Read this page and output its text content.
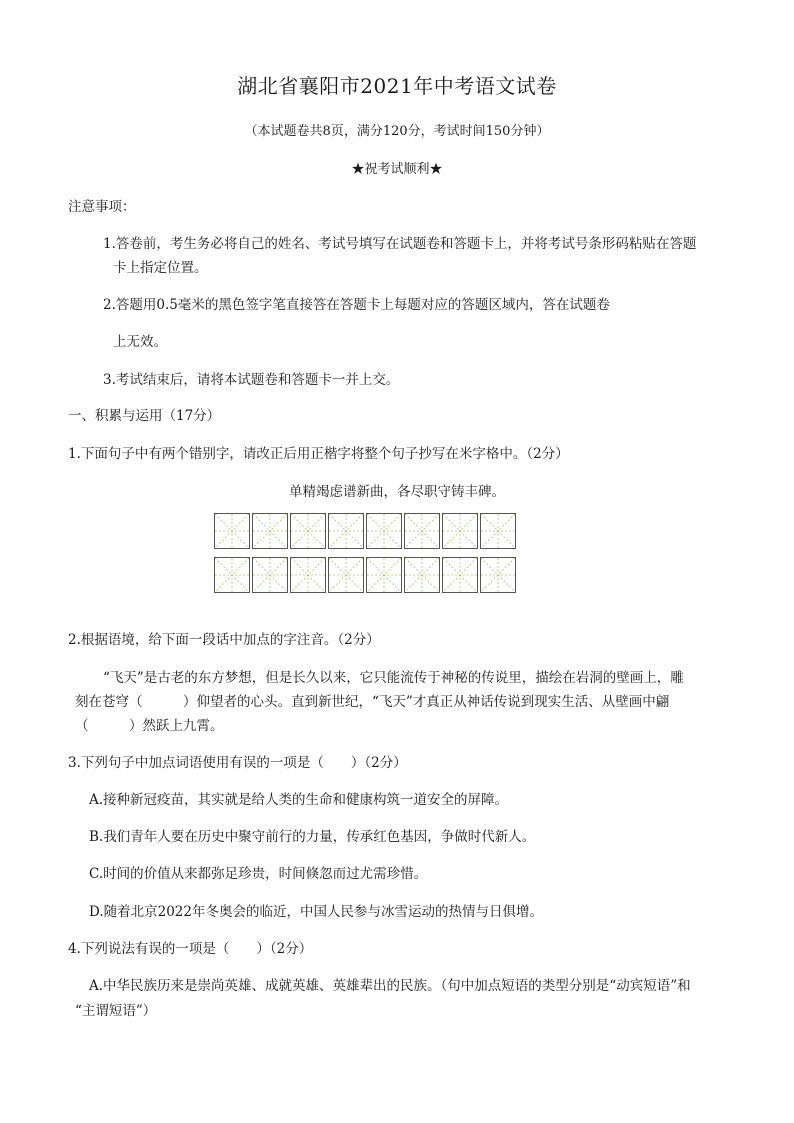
湖北省襄阳市2021年中考语文试卷
（本试题卷共8页，满分120分，考试时间150分钟）
★祝考试顺利★
注意事项：
1.答卷前，考生务必将自己的姓名、考试号填写在试题卷和答题卡上，并将考试号条形码粘贴在答题
卡上指定位置。
2.答题用0.5毫米的黑色签字笔直接答在答题卡上每题对应的答题区域内，答在试题卷
上无效。
3.考试结束后，请将本试题卷和答题卡一并上交。
一、积累与运用（17分）
1.下面句子中有两个错别字，请改正后用正楷字将整个句子抄写在米字格中。（2分）
单精竭虑谱新曲，各尽职守铸丰碑。
2.根据语境，给下面一段话中加点的字注音。（2分）
“飞天”是古老的东方梦想，但是长久以来，它只能流传于神秘的传说里，描绘在岩洞的壁画上，雕
刻在苍穹（　　　）仰望者的心头。直到新世纪，“飞天”才真正从神话传说到现实生活、从壁画中翩
（　　　）然跃上九霄。
3.下列句子中加点词语使用有误的一项是（　　）（2分）
A.接种新冠疫苗，其实就是给人类的生命和健康构筑一道安全的屏障。
B.我们青年人要在历史中聚守前行的力量，传承红色基因，争做时代新人。
C.时间的价值从来都弥足珍贵，时间倏忽而过尤需珍惜。
D.随着北京2022年冬奥会的临近，中国人民参与冰雪运动的热情与日俱增。
4.下列说法有误的一项是（　　）（2分）
A.中华民族历来是崇尚英雄、成就英雄、英雄辈出的民族。（句中加点短语的类型分别是“动宾短语”和
“主谓短语”）
